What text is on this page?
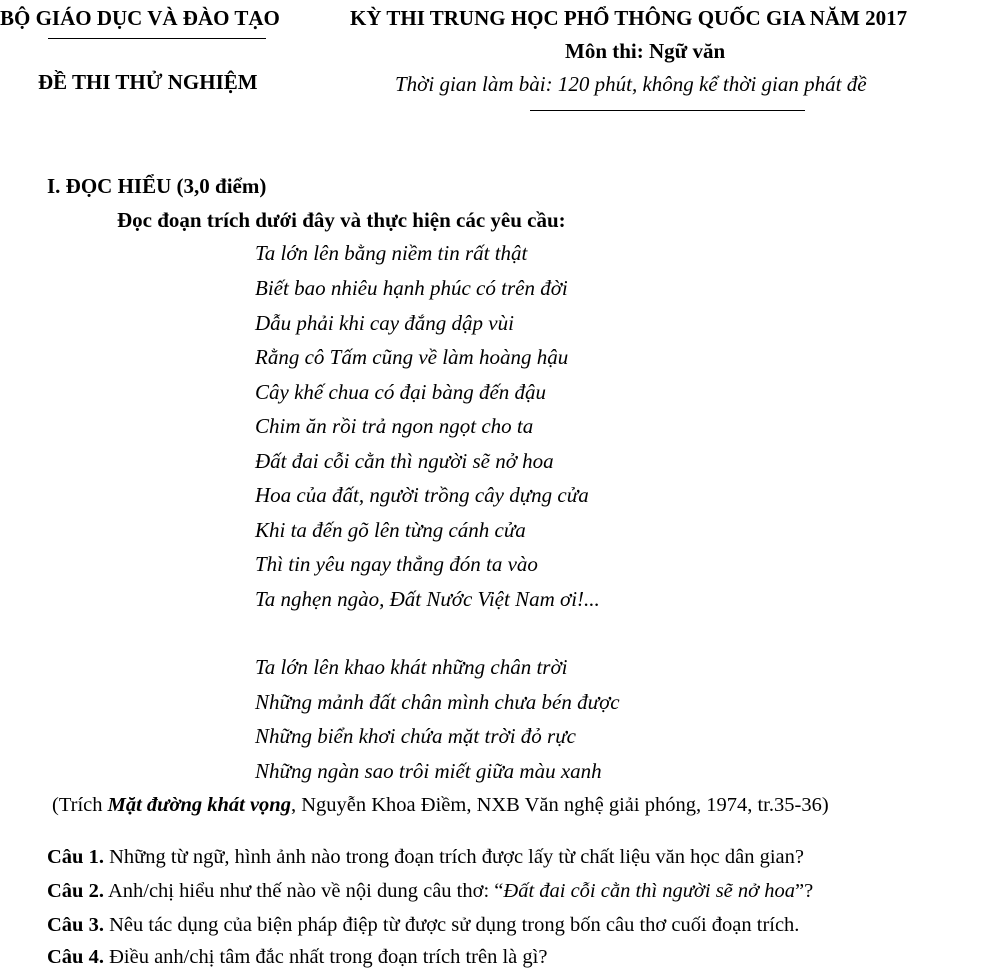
BỘ GIÁO DỤC VÀ ĐÀO TẠO
ĐỀ THI THỬ NGHIỆM
KỲ THI TRUNG HỌC PHỔ THÔNG QUỐC GIA NĂM 2017
Môn thi: Ngữ văn
Thời gian làm bài: 120 phút, không kể thời gian phát đề
I. ĐỌC HIỂU (3,0 điểm)
Đọc đoạn trích dưới đây và thực hiện các yêu cầu:
Ta lớn lên bằng niềm tin rất thật
Biết bao nhiêu hạnh phúc có trên đời
Dẫu phải khi cay đắng dập vùi
Rằng cô Tấm cũng về làm hoàng hậu
Cây khế chua có đại bàng đến đậu
Chim ăn rồi trả ngon ngọt cho ta
Đất đai cỗi cằn thì người sẽ nở hoa
Hoa của đất, người trồng cây dựng cửa
Khi ta đến gõ lên từng cánh cửa
Thì tin yêu ngay thẳng đón ta vào
Ta nghẹn ngào, Đất Nước Việt Nam ơi!...
Ta lớn lên khao khát những chân trời
Những mảnh đất chân mình chưa bén được
Những biển khơi chứa mặt trời đỏ rực
Những ngàn sao trôi miết giữa màu xanh
(Trích Mặt đường khát vọng, Nguyễn Khoa Điềm, NXB Văn nghệ giải phóng, 1974, tr.35-36)
Câu 1. Những từ ngữ, hình ảnh nào trong đoạn trích được lấy từ chất liệu văn học dân gian?
Câu 2. Anh/chị hiểu như thế nào về nội dung câu thơ: “Đất đai cỗi cằn thì người sẽ nở hoa”?
Câu 3. Nêu tác dụng của biện pháp điệp từ được sử dụng trong bốn câu thơ cuối đoạn trích.
Câu 4. Điều anh/chị tâm đắc nhất trong đoạn trích trên là gì?
